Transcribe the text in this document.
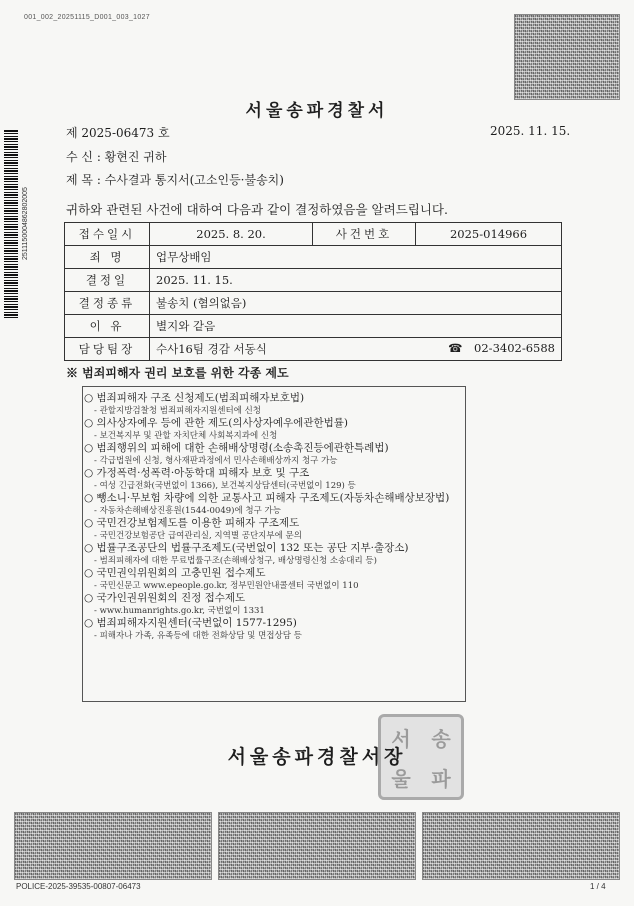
001_002_20251115_D001_003_1027
2511150004862802005
서울송파경찰서
제 2025-06473 호	2025. 11. 15.
수 신 : 황현진 귀하
제 목 : 수사결과 통지서(고소인등·불송치)
귀하와 관련된 사건에 대하여 다음과 같이 결정하였음을 알려드립니다.
접수일시	2025. 8. 20.	사건번호	2025-014966
죄 명	업무상배임		
결정일	2025. 11. 15.		
결정종류	불송치 (혐의없음)		
이 유	별지와 같음		
담당팀장	수사16팀 경감 서동식 ☎ 02-3402-6588		
※ 범죄피해자 권리 보호를 위한 각종 제도
○ 범죄피해자 구조 신청제도(범죄피해자보호법)
- 관할지방검찰청 범죄피해자지원센터에 신청
○ 의사상자예우 등에 관한 제도(의사상자예우에관한법률)
- 보건복지부 및 관할 자치단체 사회복지과에 신청
○ 범죄행위의 피해에 대한 손해배상명령(소송촉진등에관한특례법)
- 각급법원에 신청, 형사재판과정에서 민사손해배상까지 청구 가능
○ 가정폭력·성폭력·아동학대 피해자 보호 및 구조
- 여성 긴급전화(국번없이 1366), 보건복지상담센터(국번없이 129) 등
○ 뺑소니·무보험 차량에 의한 교통사고 피해자 구조제도(자동차손해배상보장법)
- 자동차손해배상진흥원(1544-0049)에 청구 가능
○ 국민건강보험제도를 이용한 피해자 구조제도
- 국민건강보험공단 급여관리실, 지역별 공단지부에 문의
○ 법률구조공단의 법률구조제도(국번없이 132 또는 공단 지부·출장소)
- 범죄피해자에 대한 무료법률구조(손해배상청구, 배상명령신청 소송대리 등)
○ 국민권익위원회의 고충민원 접수제도
- 국민신문고 www.epeople.go.kr, 정부민원안내콜센터 국번없이 110
○ 국가인권위원회의 진정 접수제도
- www.humanrights.go.kr, 국번없이 1331
○ 범죄피해자지원센터(국번없이 1577-1295)
- 피해자나 가족, 유족등에 대한 전화상담 및 면접상담 등
서	송
울	파
서울송파경찰서장
POLICE-2025-39535-00807-06473	1 / 4
